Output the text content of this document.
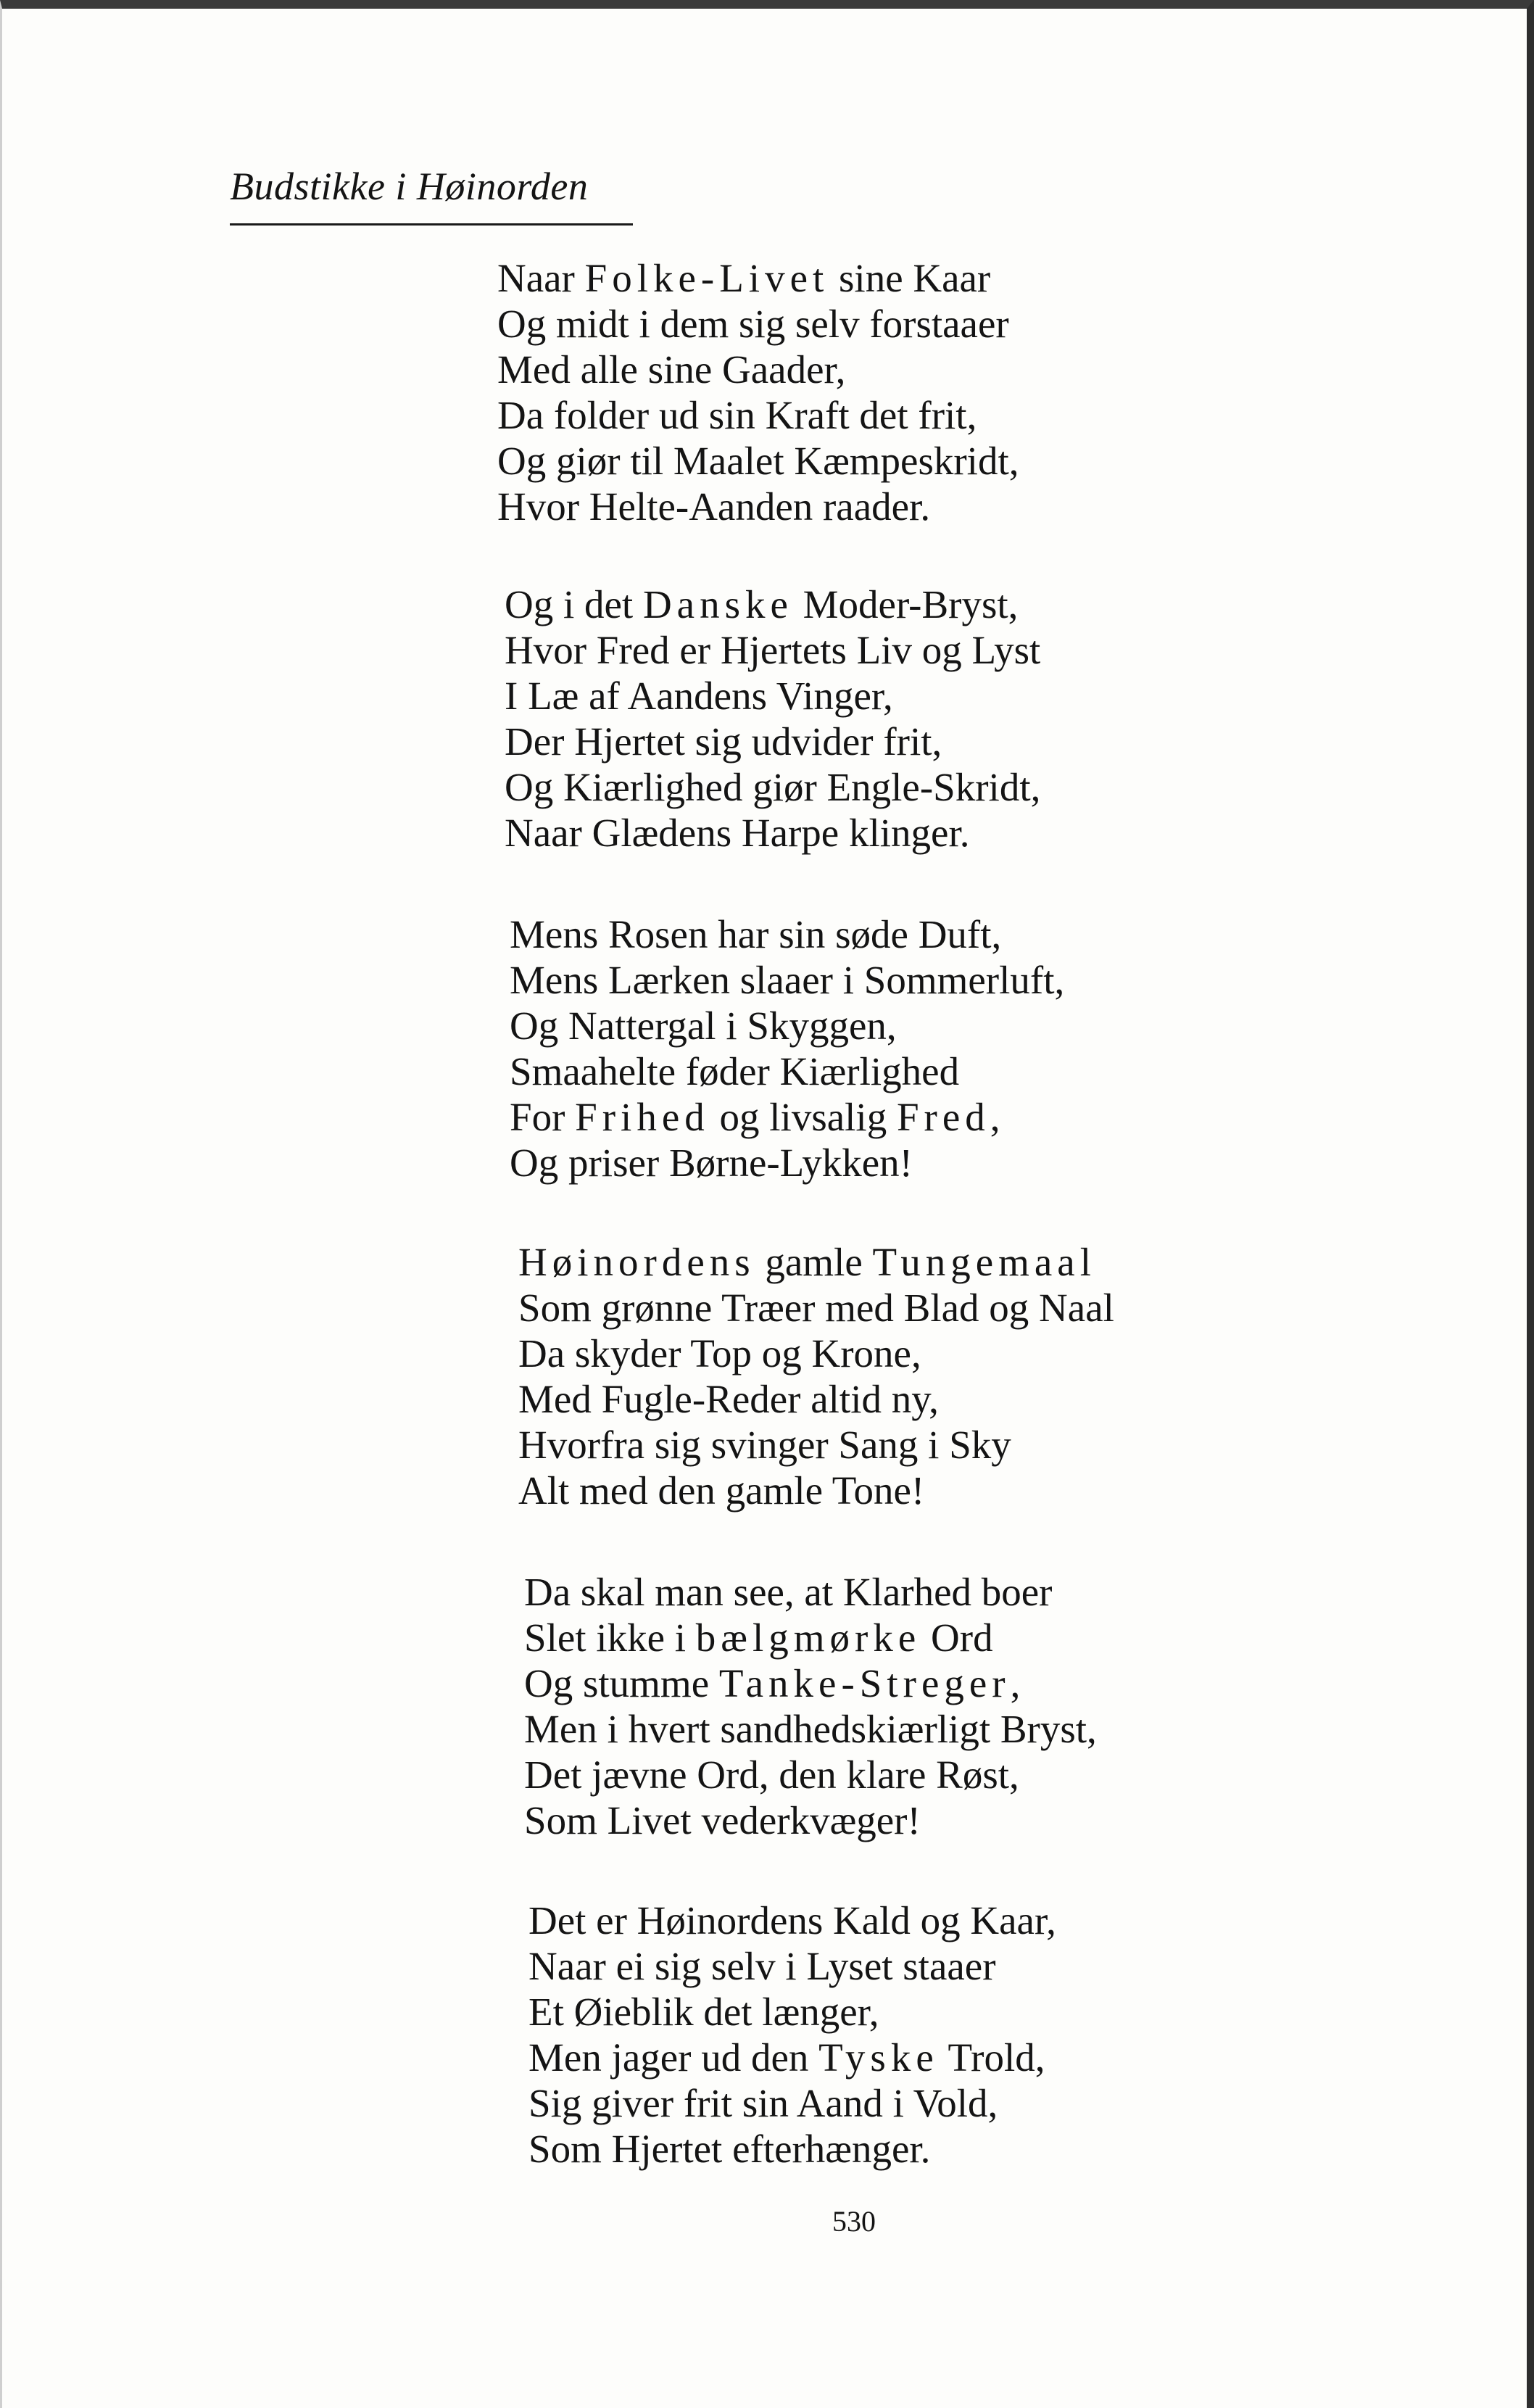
Budstikke i Høinorden
Naar Folke-Livet sine Kaar
Og midt i dem sig selv forstaaer
Med alle sine Gaader,
Da folder ud sin Kraft det frit,
Og giør til Maalet Kæmpeskridt,
Hvor Helte-Aanden raader.
Og i det Danske Moder-Bryst,
Hvor Fred er Hjertets Liv og Lyst
I Læ af Aandens Vinger,
Der Hjertet sig udvider frit,
Og Kiærlighed giør Engle-Skridt,
Naar Glædens Harpe klinger.
Mens Rosen har sin søde Duft,
Mens Lærken slaaer i Sommerluft,
Og Nattergal i Skyggen,
Smaahelte føder Kiærlighed
For Frihed og livsalig Fred,
Og priser Børne-Lykken!
Høinordens gamle Tungemaal
Som grønne Træer med Blad og Naal
Da skyder Top og Krone,
Med Fugle-Reder altid ny,
Hvorfra sig svinger Sang i Sky
Alt med den gamle Tone!
Da skal man see, at Klarhed boer
Slet ikke i bælgmørke Ord
Og stumme Tanke-Streger,
Men i hvert sandhedskiærligt Bryst,
Det jævne Ord, den klare Røst,
Som Livet vederkvæger!
Det er Høinordens Kald og Kaar,
Naar ei sig selv i Lyset staaer
Et Øieblik det længer,
Men jager ud den Tyske Trold,
Sig giver frit sin Aand i Vold,
Som Hjertet efterhænger.
530
